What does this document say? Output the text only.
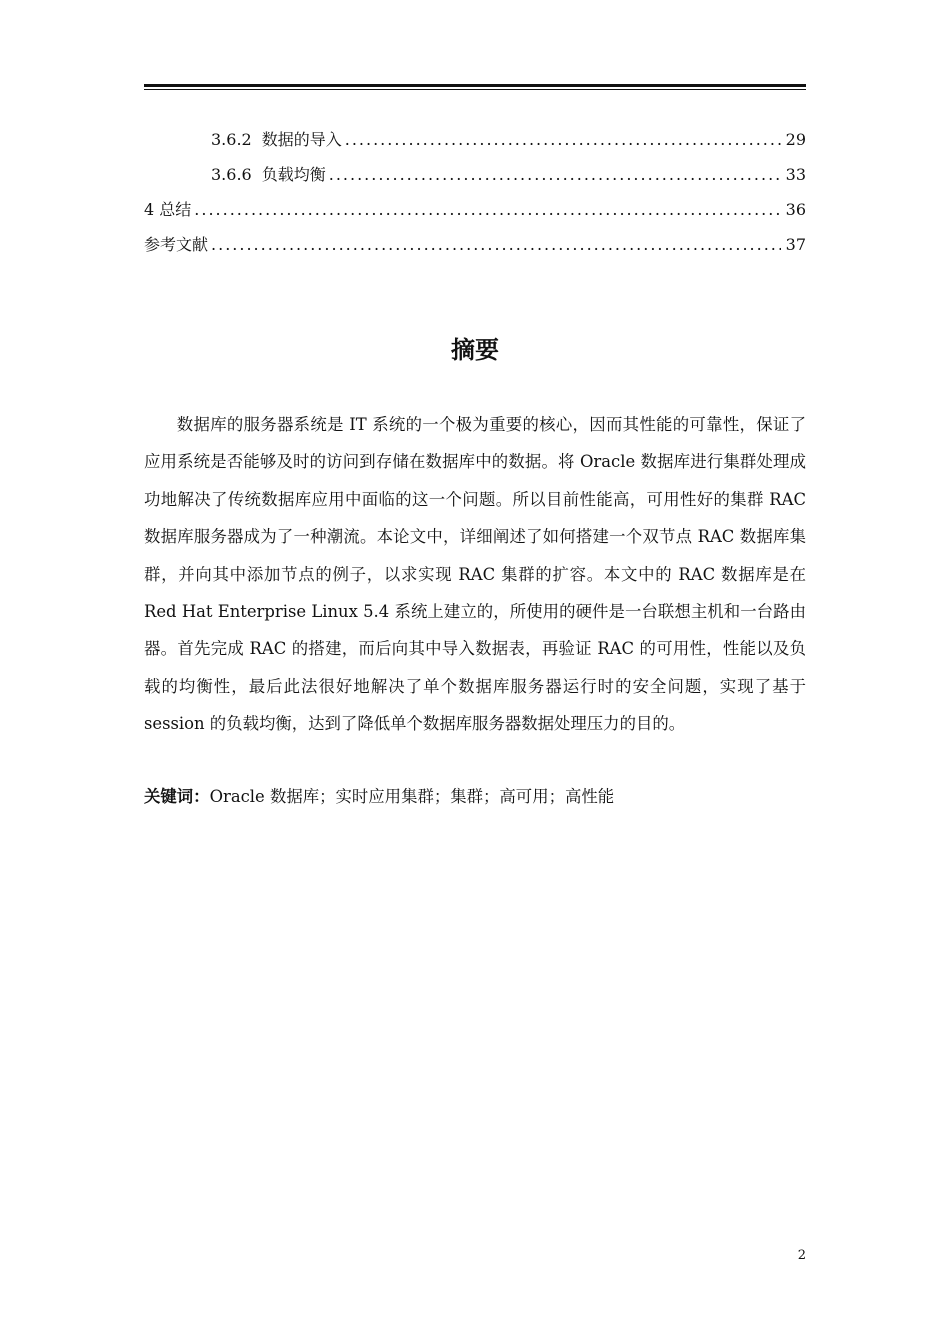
3.6.2 数据的导入 .....	29
3.6.6 负载均衡 .....	33
4 总结 .....	36
参考文献 .....	37
摘要

数据库的服务器系统是 IT 系统的一个极为重要的核心，因而其性能的可靠性，保证了应用系统是否能够及时的访问到存储在数据库中的数据。将 Oracle 数据库进行集群处理成功地解决了传统数据库应用中面临的这一个问题。所以目前性能高，可用性好的集群 RAC 数据库服务器成为了一种潮流。本论文中，详细阐述了如何搭建一个双节点 RAC 数据库集群，并向其中添加节点的例子，以求实现 RAC 集群的扩容。本文中的 RAC 数据库是在 Red Hat Enterprise Linux 5.4 系统上建立的，所使用的硬件是一台联想主机和一台路由器。首先完成 RAC 的搭建，而后向其中导入数据表，再验证 RAC 的可用性，性能以及负载的均衡性，最后此法很好地解决了单个数据库服务器运行时的安全问题，实现了基于 session 的负载均衡，达到了降低单个数据库服务器数据处理压力的目的。

关键词：Oracle 数据库；实时应用集群；集群；高可用；高性能
2
